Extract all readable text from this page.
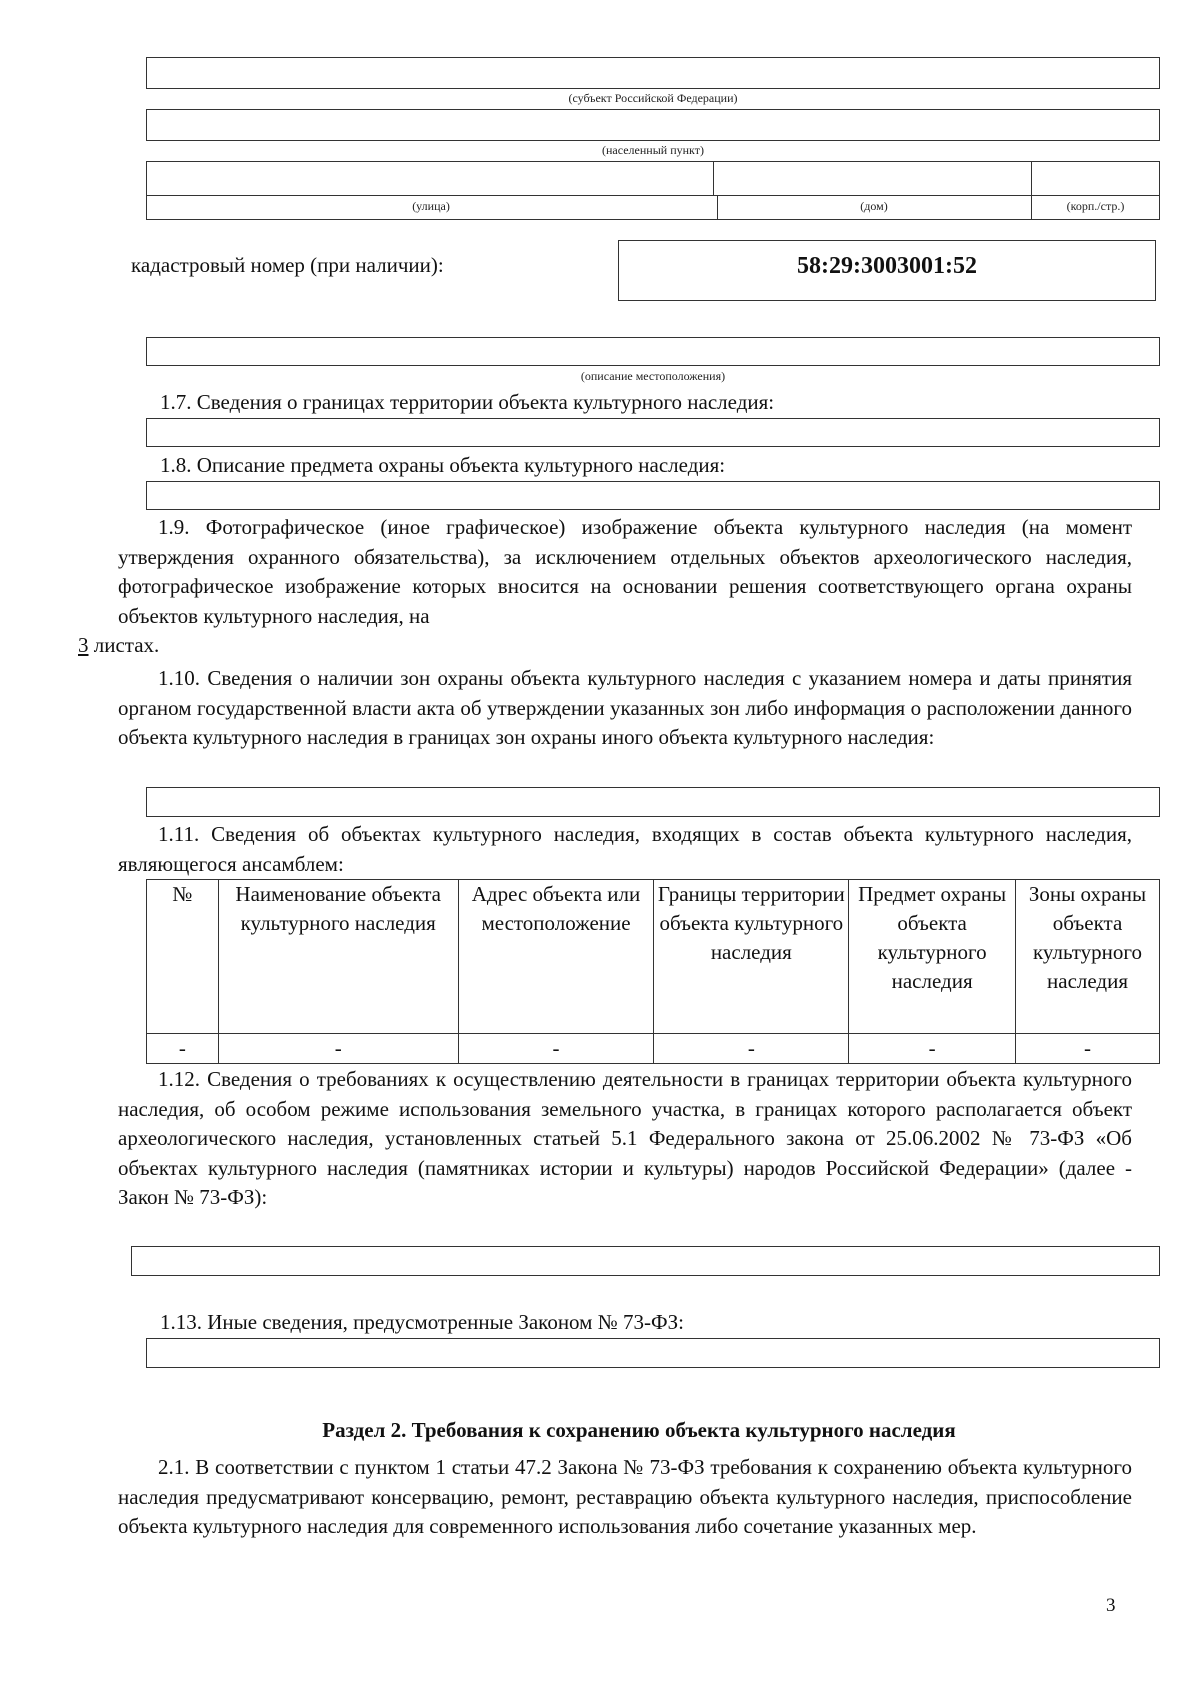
(субъект Российской Федерации)
(населенный пункт)
(улица)	(дом)	(корп./стр.)
кадастровый номер (при наличии):	58:29:3003001:52
(описание местоположения)
1.7. Сведения о границах территории объекта культурного наследия:
1.8. Описание предмета охраны объекта культурного наследия:
1.9. Фотографическое (иное графическое) изображение объекта культурного наследия (на момент утверждения охранного обязательства), за исключением отдельных объектов археологического наследия, фотографическое изображение которых вносится на основании решения соответствующего органа охраны объектов культурного наследия, на
3 листах.
1.10. Сведения о наличии зон охраны объекта культурного наследия с указанием номера и даты принятия органом государственной власти акта об утверждении указанных зон либо информация о расположении данного объекта культурного наследия в границах зон охраны иного объекта культурного наследия:
1.11. Сведения об объектах культурного наследия, входящих в состав объекта культурного наследия, являющегося ансамблем:
№	Наименование объекта культурного наследия	Адрес объекта или местоположение	Границы территории объекта культурного наследия	Предмет охраны объекта культурного наследия	Зоны охраны объекта культурного наследия
-	-	-	-	-	-
1.12. Сведения о требованиях к осуществлению деятельности в границах территории объекта культурного наследия, об особом режиме использования земельного участка, в границах которого располагается объект археологического наследия, установленных статьей 5.1 Федерального закона от 25.06.2002 № 73-ФЗ «Об объектах культурного наследия (памятниках истории и культуры) народов Российской Федерации» (далее - Закон № 73-ФЗ):
1.13. Иные сведения, предусмотренные Законом № 73-ФЗ:
Раздел 2. Требования к сохранению объекта культурного наследия
2.1. В соответствии с пунктом 1 статьи 47.2 Закона № 73-ФЗ требования к сохранению объекта культурного наследия предусматривают консервацию, ремонт, реставрацию объекта культурного наследия, приспособление объекта культурного наследия для современного использования либо сочетание указанных мер.
3
